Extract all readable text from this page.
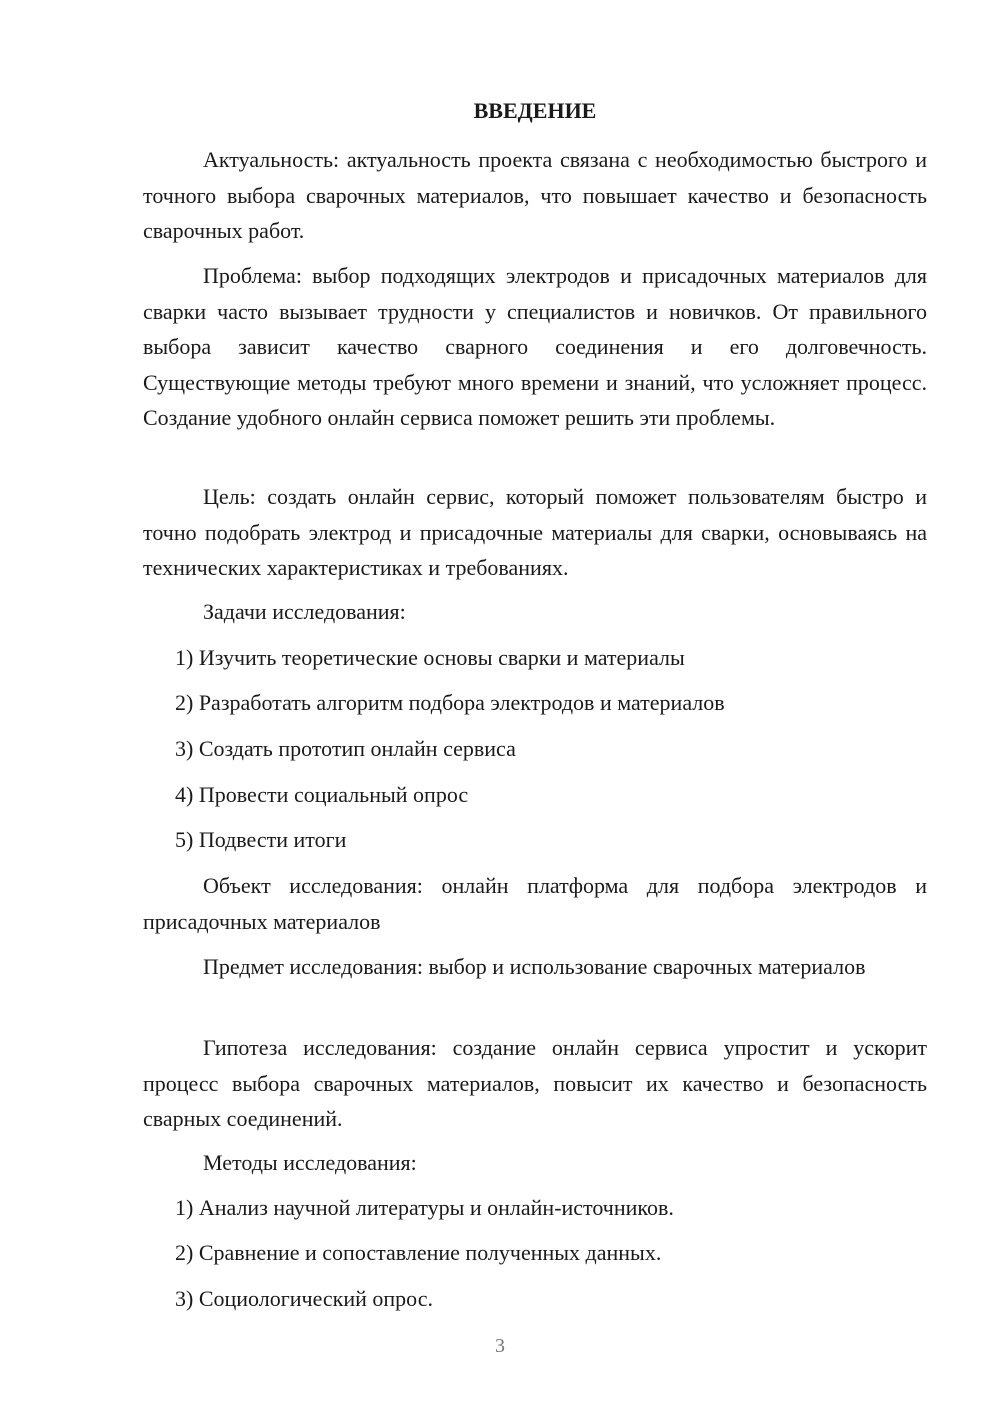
ВВЕДЕНИЕ
Актуальность: актуальность проекта связана с необходимостью быстрого и точного выбора сварочных материалов, что повышает качество и безопасность сварочных работ.
Проблема: выбор подходящих электродов и присадочных материалов для сварки часто вызывает трудности у специалистов и новичков. От правильного выбора зависит качество сварного соединения и его долговечность. Существующие методы требуют много времени и знаний, что усложняет процесс. Создание удобного онлайн сервиса поможет решить эти проблемы.
Цель: создать онлайн сервис, который поможет пользователям быстро и точно подобрать электрод и присадочные материалы для сварки, основываясь на технических характеристиках и требованиях.
Задачи исследования:
1) Изучить теоретические основы сварки и материалы
2) Разработать алгоритм подбора электродов и материалов
3) Создать прототип онлайн сервиса
4) Провести социальный опрос
5) Подвести итоги
Объект исследования: онлайн платформа для подбора электродов и присадочных материалов
Предмет исследования: выбор и использование сварочных материалов
Гипотеза исследования: создание онлайн сервиса упростит и ускорит процесс выбора сварочных материалов, повысит их качество и безопасность сварных соединений.
Методы исследования:
1) Анализ научной литературы и онлайн-источников.
2) Сравнение и сопоставление полученных данных.
3) Социологический опрос.
3
